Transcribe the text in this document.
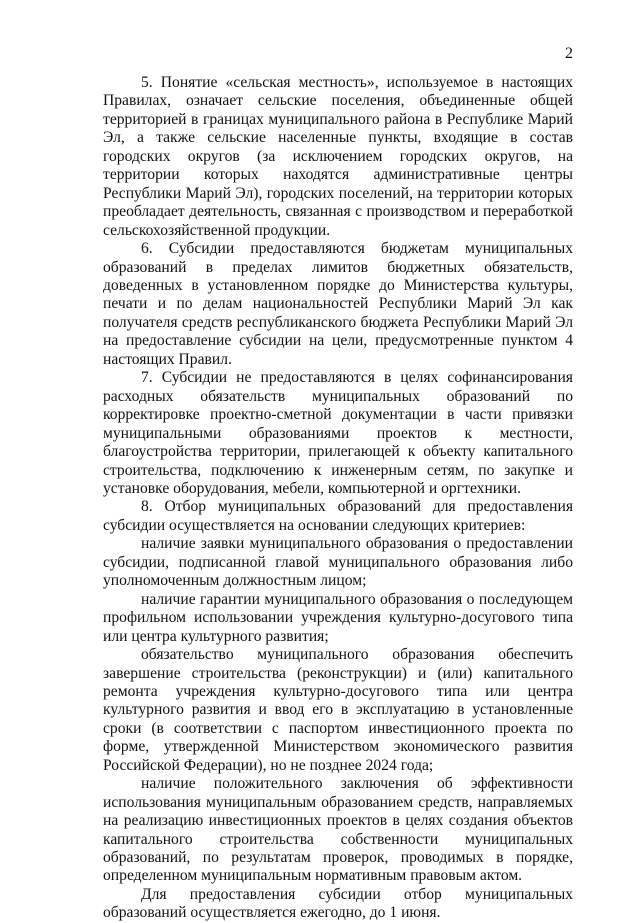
2

5. Понятие «сельская местность», используемое в настоящих Правилах, означает сельские поселения, объединенные общей территорией в границах муниципального района в Республике Марий Эл, а также сельские населенные пункты, входящие в состав городских округов (за исключением городских округов, на территории которых находятся административные центры Республики Марий Эл), городских поселений, на территории которых преобладает деятельность, связанная с производством и переработкой сельскохозяйственной продукции.

6. Субсидии предоставляются бюджетам муниципальных образований в пределах лимитов бюджетных обязательств, доведенных в установленном порядке до Министерства культуры, печати и по делам национальностей Республики Марий Эл как получателя средств республиканского бюджета Республики Марий Эл на предоставление субсидии на цели, предусмотренные пунктом 4 настоящих Правил.

7. Субсидии не предоставляются в целях софинансирования расходных обязательств муниципальных образований по корректировке проектно-сметной документации в части привязки муниципальными образованиями проектов к местности, благоустройства территории, прилегающей к объекту капитального строительства, подключению к инженерным сетям, по закупке и установке оборудования, мебели, компьютерной и оргтехники.

8. Отбор муниципальных образований для предоставления субсидии осуществляется на основании следующих критериев:

наличие заявки муниципального образования о предоставлении субсидии, подписанной главой муниципального образования либо уполномоченным должностным лицом;

наличие гарантии муниципального образования о последующем профильном использовании учреждения культурно-досугового типа или центра культурного развития;

обязательство муниципального образования обеспечить завершение строительства (реконструкции) и (или) капитального ремонта учреждения культурно-досугового типа или центра культурного развития и ввод его в эксплуатацию в установленные сроки (в соответствии с паспортом инвестиционного проекта по форме, утвержденной Министерством экономического развития Российской Федерации), но не позднее 2024 года;

наличие положительного заключения об эффективности использования муниципальным образованием средств, направляемых на реализацию инвестиционных проектов в целях создания объектов капитального строительства собственности муниципальных образований, по результатам проверок, проводимых в порядке, определенном муниципальным нормативным правовым актом.

Для предоставления субсидии отбор муниципальных образований осуществляется ежегодно, до 1 июня.
